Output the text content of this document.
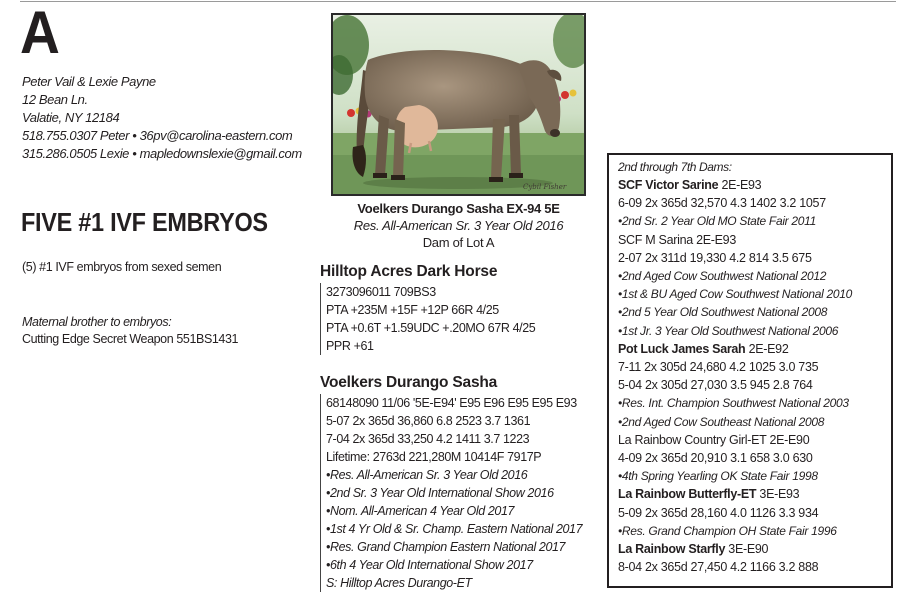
A
Peter Vail & Lexie Payne
12 Bean Ln.
Valatie, NY 12184
518.755.0307 Peter • 36pv@carolina-eastern.com
315.286.0505 Lexie • mapledownslexie@gmail.com
FIVE #1 IVF EMBRYOS
(5) #1 IVF embryos from sexed semen
Maternal brother to embryos:
Cutting Edge Secret Weapon 551BS1431
Cybil Fisher
Voelkers Durango Sasha EX-94 5E
Res. All-American Sr. 3 Year Old 2016
Dam of Lot A
Hilltop Acres Dark Horse
3273096011 709BS3
PTA +235M +15F +12P 66R 4/25
PTA +0.6T +1.59UDC +.20MO 67R 4/25
PPR +61
Voelkers Durango Sasha
68148090 11/06 '5E-E94' E95 E96 E95 E95 E93
5-07 2x 365d 36,860 6.8 2523 3.7 1361
7-04 2x 365d 33,250 4.2 1411 3.7 1223
Lifetime: 2763d 221,280M 10414F 7917P
•Res. All-American Sr. 3 Year Old 2016
•2nd Sr. 3 Year Old International Show 2016
•Nom. All-American 4 Year Old 2017
•1st 4 Yr Old & Sr. Champ. Eastern National 2017
•Res. Grand Champion Eastern National 2017
•6th 4 Year Old International Show 2017
S: Hilltop Acres Durango-ET
2nd through 7th Dams:
SCF Victor Sarine 2E-E93
6-09 2x 365d 32,570 4.3 1402 3.2 1057
•2nd Sr. 2 Year Old MO State Fair 2011
SCF M Sarina 2E-E93
2-07 2x 311d 19,330 4.2 814 3.5 675
•2nd Aged Cow Southwest National 2012
•1st & BU Aged Cow Southwest National 2010
•2nd 5 Year Old Southwest National 2008
•1st Jr. 3 Year Old Southwest National 2006
Pot Luck James Sarah 2E-E92
7-11 2x 305d 24,680 4.2 1025 3.0 735
5-04 2x 305d 27,030 3.5 945 2.8 764
•Res. Int. Champion Southwest National 2003
•2nd Aged Cow Southeast National 2008
La Rainbow Country Girl-ET 2E-E90
4-09 2x 365d 20,910 3.1 658 3.0 630
•4th Spring Yearling OK State Fair 1998
La Rainbow Butterfly-ET 3E-E93
5-09 2x 365d 28,160 4.0 1126 3.3 934
•Res. Grand Champion OH State Fair 1996
La Rainbow Starfly 3E-E90
8-04 2x 365d 27,450 4.2 1166 3.2 888
